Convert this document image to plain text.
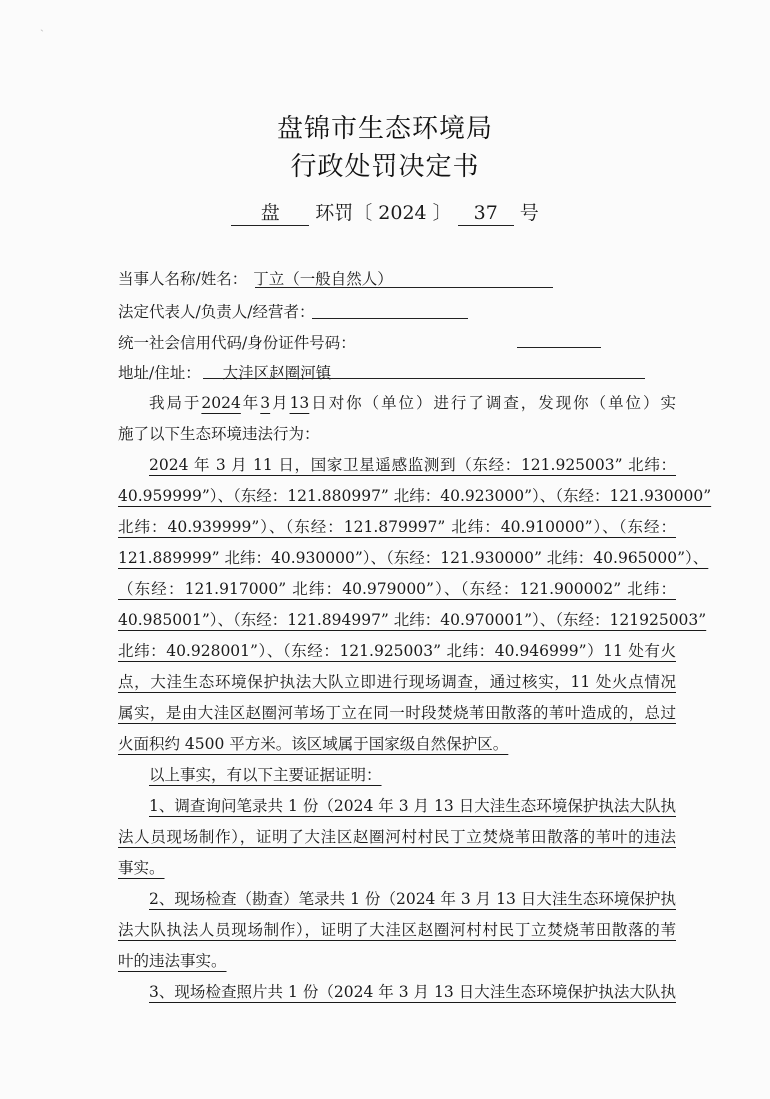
ˎ
盘锦市生态环境局
行政处罚决定书
盘 环罚〔 2024 〕 37 号
当事人名称/姓名： 丁立（一般自然人）
法定代表人/负责人/经营者：
统一社会信用代码/身份证件号码：
地址/住址： 大洼区赵圈河镇
我局于2024年3月13日对你（单位）进行了调查，发现你（单位）实
施了以下生态环境违法行为：
2024 年 3 月 11 日，国家卫星遥感监测到（东经：121.925003” 北纬：
40.959999”）、（东经：121.880997” 北纬：40.923000”）、（东经：121.930000”
北纬：40.939999”）、（东经：121.879997” 北纬：40.910000”）、（东经：
121.889999” 北纬：40.930000”）、（东经：121.930000” 北纬：40.965000”）、
（东经：121.917000” 北纬：40.979000”）、（东经：121.900002” 北纬：
40.985001”）、（东经：121.894997” 北纬：40.970001”）、（东经：121925003”
北纬：40.928001”）、（东经：121.925003” 北纬：40.946999”）11 处有火
点，大洼生态环境保护执法大队立即进行现场调查，通过核实，11 处火点情况
属实，是由大洼区赵圈河苇场丁立在同一时段焚烧苇田散落的苇叶造成的，总过
火面积约 4500 平方米。该区域属于国家级自然保护区。
以上事实，有以下主要证据证明：
1、调查询问笔录共 1 份（2024 年 3 月 13 日大洼生态环境保护执法大队执
法人员现场制作），证明了大洼区赵圈河村村民丁立焚烧苇田散落的苇叶的违法
事实。
2、现场检查（勘查）笔录共 1 份（2024 年 3 月 13 日大洼生态环境保护执
法大队执法人员现场制作），证明了大洼区赵圈河村村民丁立焚烧苇田散落的苇
叶的违法事实。
3、现场检查照片共 1 份（2024 年 3 月 13 日大洼生态环境保护执法大队执
